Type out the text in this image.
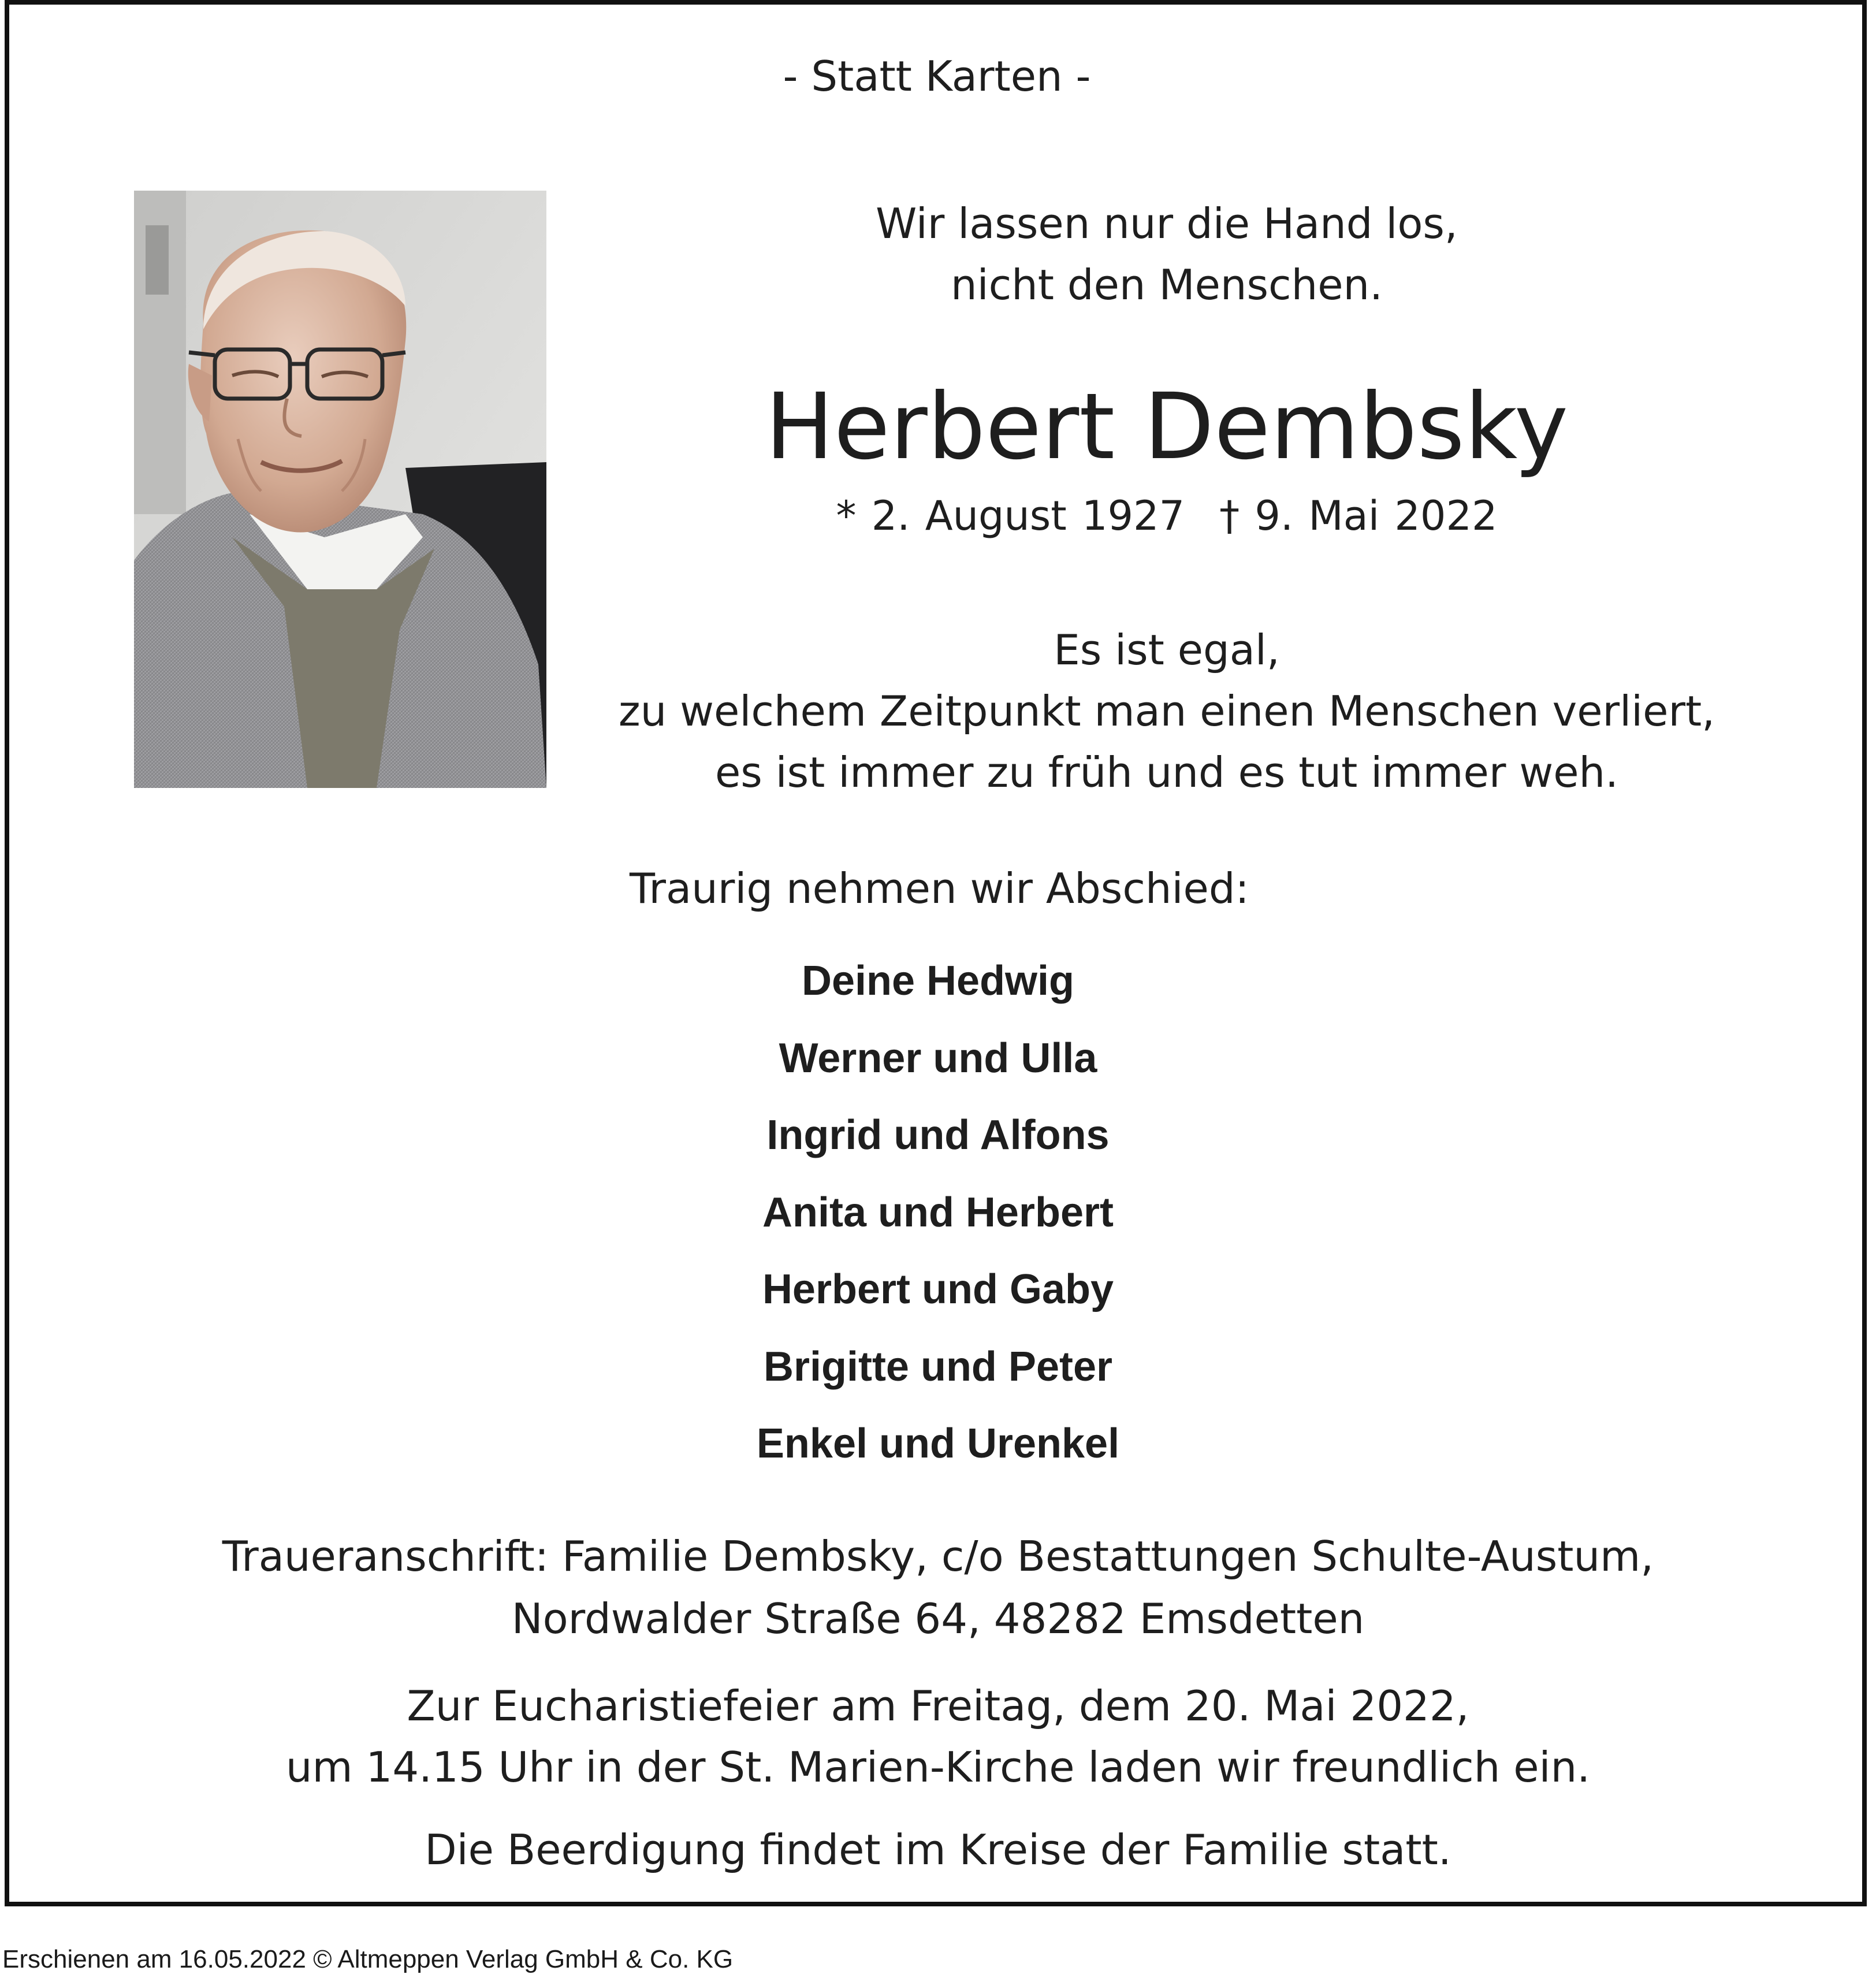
- Statt Karten -
Wir lassen nur die Hand los,
nicht den Menschen.
Herbert Dembsky
* 2. August 1927 † 9. Mai 2022
Es ist egal,
zu welchem Zeitpunkt man einen Menschen verliert,
es ist immer zu früh und es tut immer weh.
Traurig nehmen wir Abschied:
Deine Hedwig
Werner und Ulla
Ingrid und Alfons
Anita und Herbert
Herbert und Gaby
Brigitte und Peter
Enkel und Urenkel
Traueranschrift: Familie Dembsky, c/o Bestattungen Schulte-Austum,
Nordwalder Straße 64, 48282 Emsdetten
Zur Eucharistiefeier am Freitag, dem 20. Mai 2022,
um 14.15 Uhr in der St. Marien-Kirche laden wir freundlich ein.
Die Beerdigung findet im Kreise der Familie statt.
Erschienen am 16.05.2022 © Altmeppen Verlag GmbH & Co. KG
